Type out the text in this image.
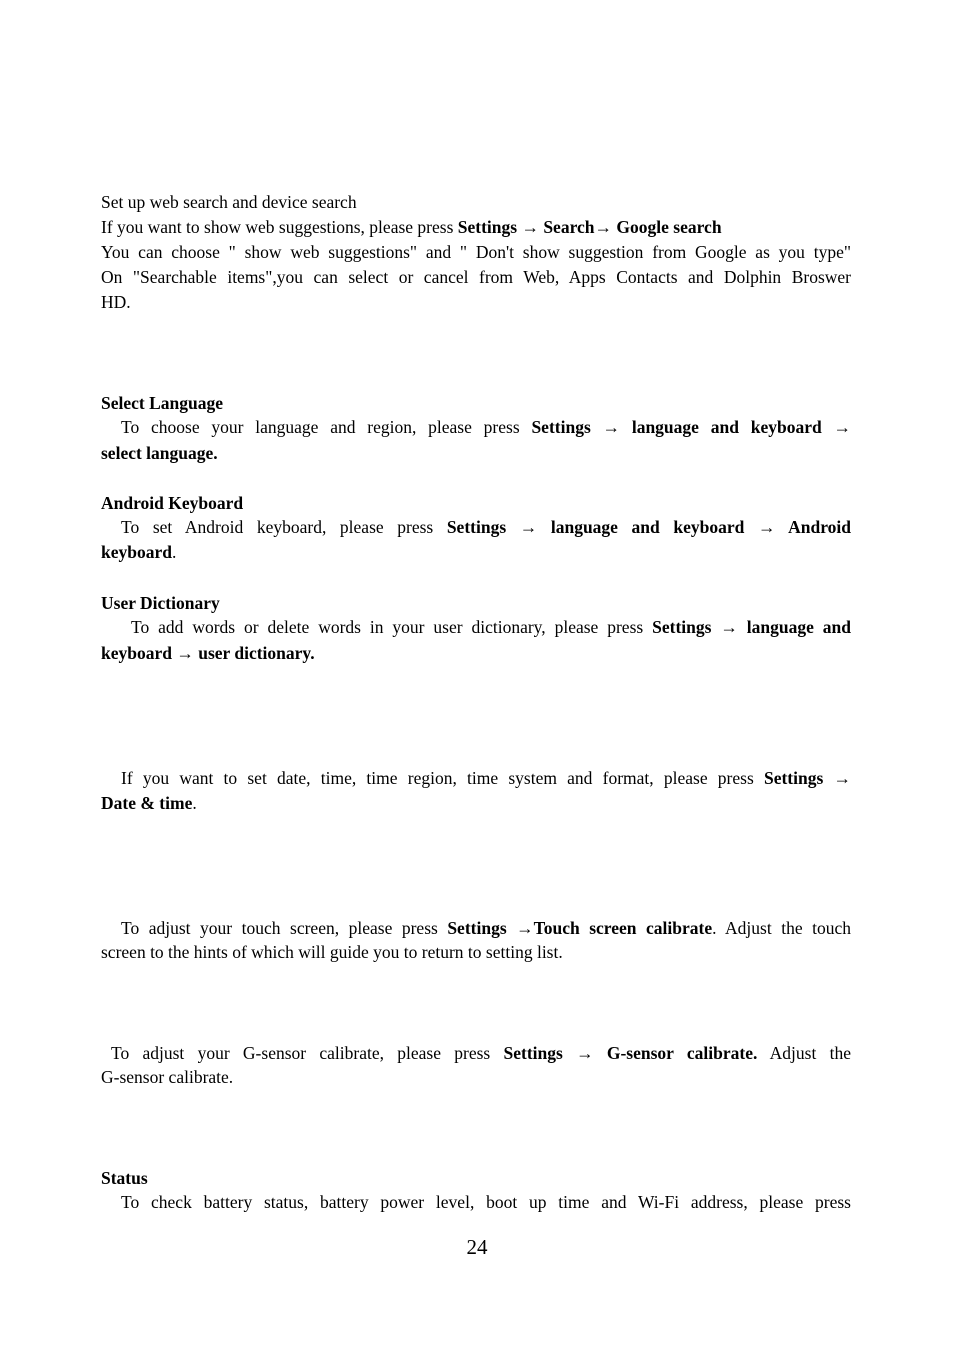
Set up web search and device search
If you want to show web suggestions, please press Settings → Search→ Google search
You can choose " show web suggestions" and " Don't show suggestion from Google as you type"
On "Searchable items",you can select or cancel from Web, Apps Contacts and Dolphin Broswer
HD.
Select Language
To choose your language and region, please press Settings → language and keyboard →
select language.
Android Keyboard
To set Android keyboard, please press Settings → language and keyboard → Android
keyboard.
User Dictionary
To add words or delete words in your user dictionary, please press Settings → language and
keyboard → user dictionary.
If you want to set date, time, time region, time system and format, please press Settings →
Date & time.
To adjust your touch screen, please press Settings →Touch screen calibrate. Adjust the touch
screen to the hints of which will guide you to return to setting list.
To adjust your G-sensor calibrate, please press Settings → G-sensor calibrate. Adjust the
G-sensor calibrate.
Status
To check battery status, battery power level, boot up time and Wi-Fi address, please press
24
